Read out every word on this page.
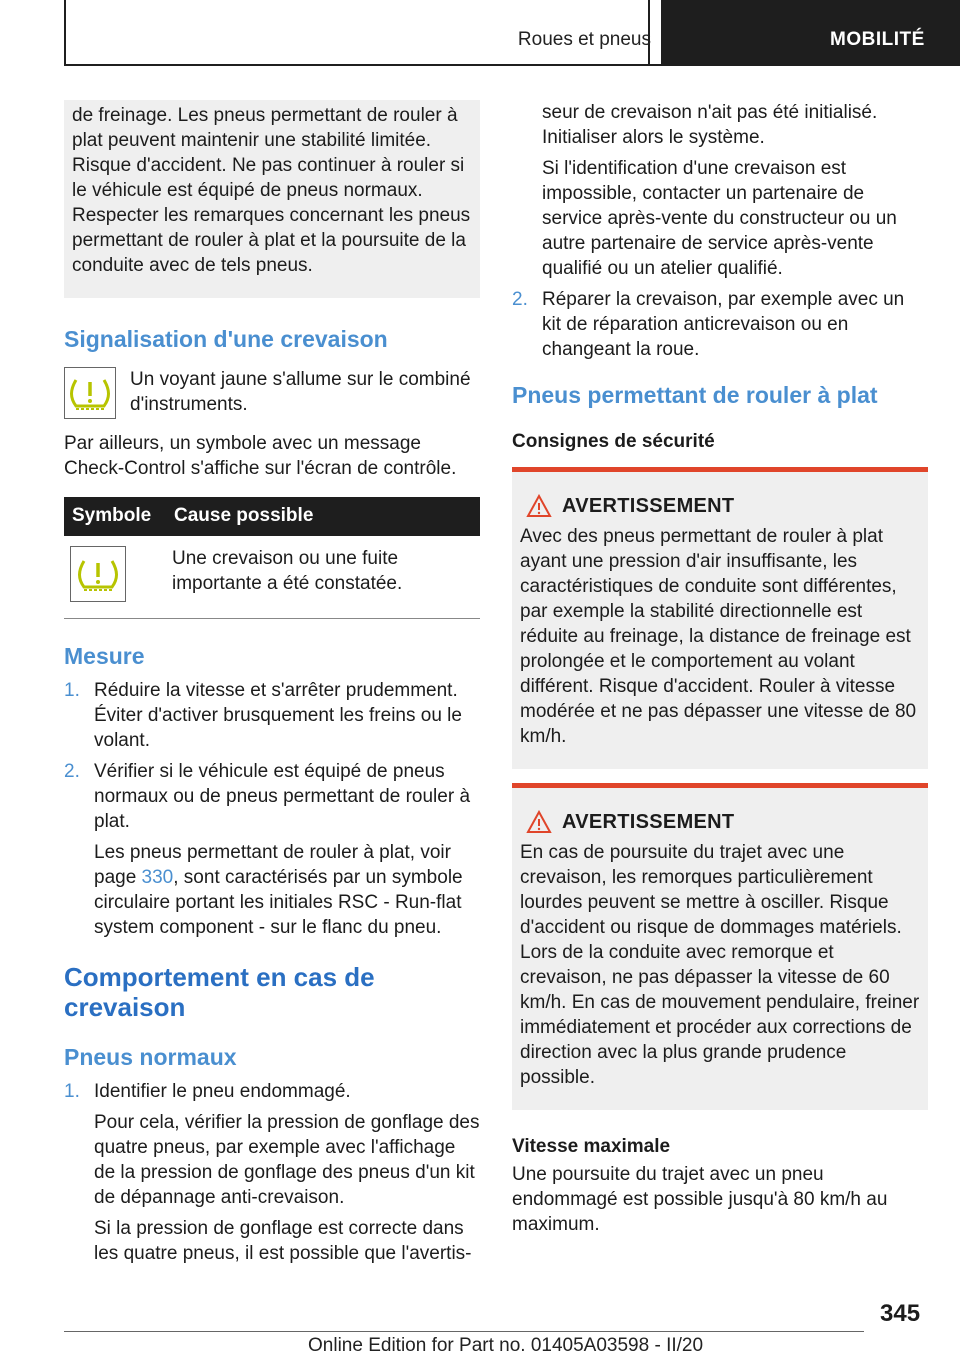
Roues et pneus	MOBILITÉ

de freinage. Les pneus permettant de rouler à plat peuvent maintenir une stabilité limitée. Risque d'accident. Ne pas continuer à rouler si le véhicule est équipé de pneus normaux. Respecter les remarques concernant les pneus permettant de rouler à plat et la poursuite de la conduite avec de tels pneus.

Signalisation d'une crevaison

Un voyant jaune s'allume sur le combiné d'instruments.

Par ailleurs, un symbole avec un message Check-Control s'affiche sur l'écran de contrôle.

Symbole	Cause possible

	Une crevaison ou une fuite importante a été constatée.
Mesure
1. Réduire la vitesse et s'arrêter prudemment. Éviter d'activer brusquement les freins ou le volant.
2. Vérifier si le véhicule est équipé de pneus normaux ou de pneus permettant de rouler à plat.

Les pneus permettant de rouler à plat, voir page 330, sont caractérisés par un symbole circulaire portant les initiales RSC - Run-flat system component - sur le flanc du pneu.

Comportement en cas de crevaison
Pneus normaux
1. Identifier le pneu endommagé.

Pour cela, vérifier la pression de gonflage des quatre pneus, par exemple avec l'affichage de la pression de gonflage des pneus d'un kit de dépannage anti-crevaison.

Si la pression de gonflage est correcte dans les quatre pneus, il est possible que l'avertis-

seur de crevaison n'ait pas été initialisé. Initialiser alors le système.

Si l'identification d'une crevaison est impossible, contacter un partenaire de service après-vente du constructeur ou un autre partenaire de service après-vente qualifié ou un atelier qualifié.

2. Réparer la crevaison, par exemple avec un kit de réparation anticrevaison ou en changeant la roue.
Pneus permettant de rouler à plat
Consignes de sécurité
AVERTISSEMENT

Avec des pneus permettant de rouler à plat ayant une pression d'air insuffisante, les caractéristiques de conduite sont différentes, par exemple la stabilité directionnelle est réduite au freinage, la distance de freinage est prolongée et le comportement au volant différent. Risque d'accident. Rouler à vitesse modérée et ne pas dépasser une vitesse de 80 km/h.

AVERTISSEMENT

En cas de poursuite du trajet avec une crevaison, les remorques particulièrement lourdes peuvent se mettre à osciller. Risque d'accident ou risque de dommages matériels. Lors de la conduite avec remorque et crevaison, ne pas dépasser la vitesse de 60 km/h. En cas de mouvement pendulaire, freiner immédiatement et procéder aux corrections de direction avec la plus grande prudence possible.

Vitesse maximale

Une poursuite du trajet avec un pneu endommagé est possible jusqu'à 80 km/h au maximum.

345
Online Edition for Part no. 01405A03598 - II/20
